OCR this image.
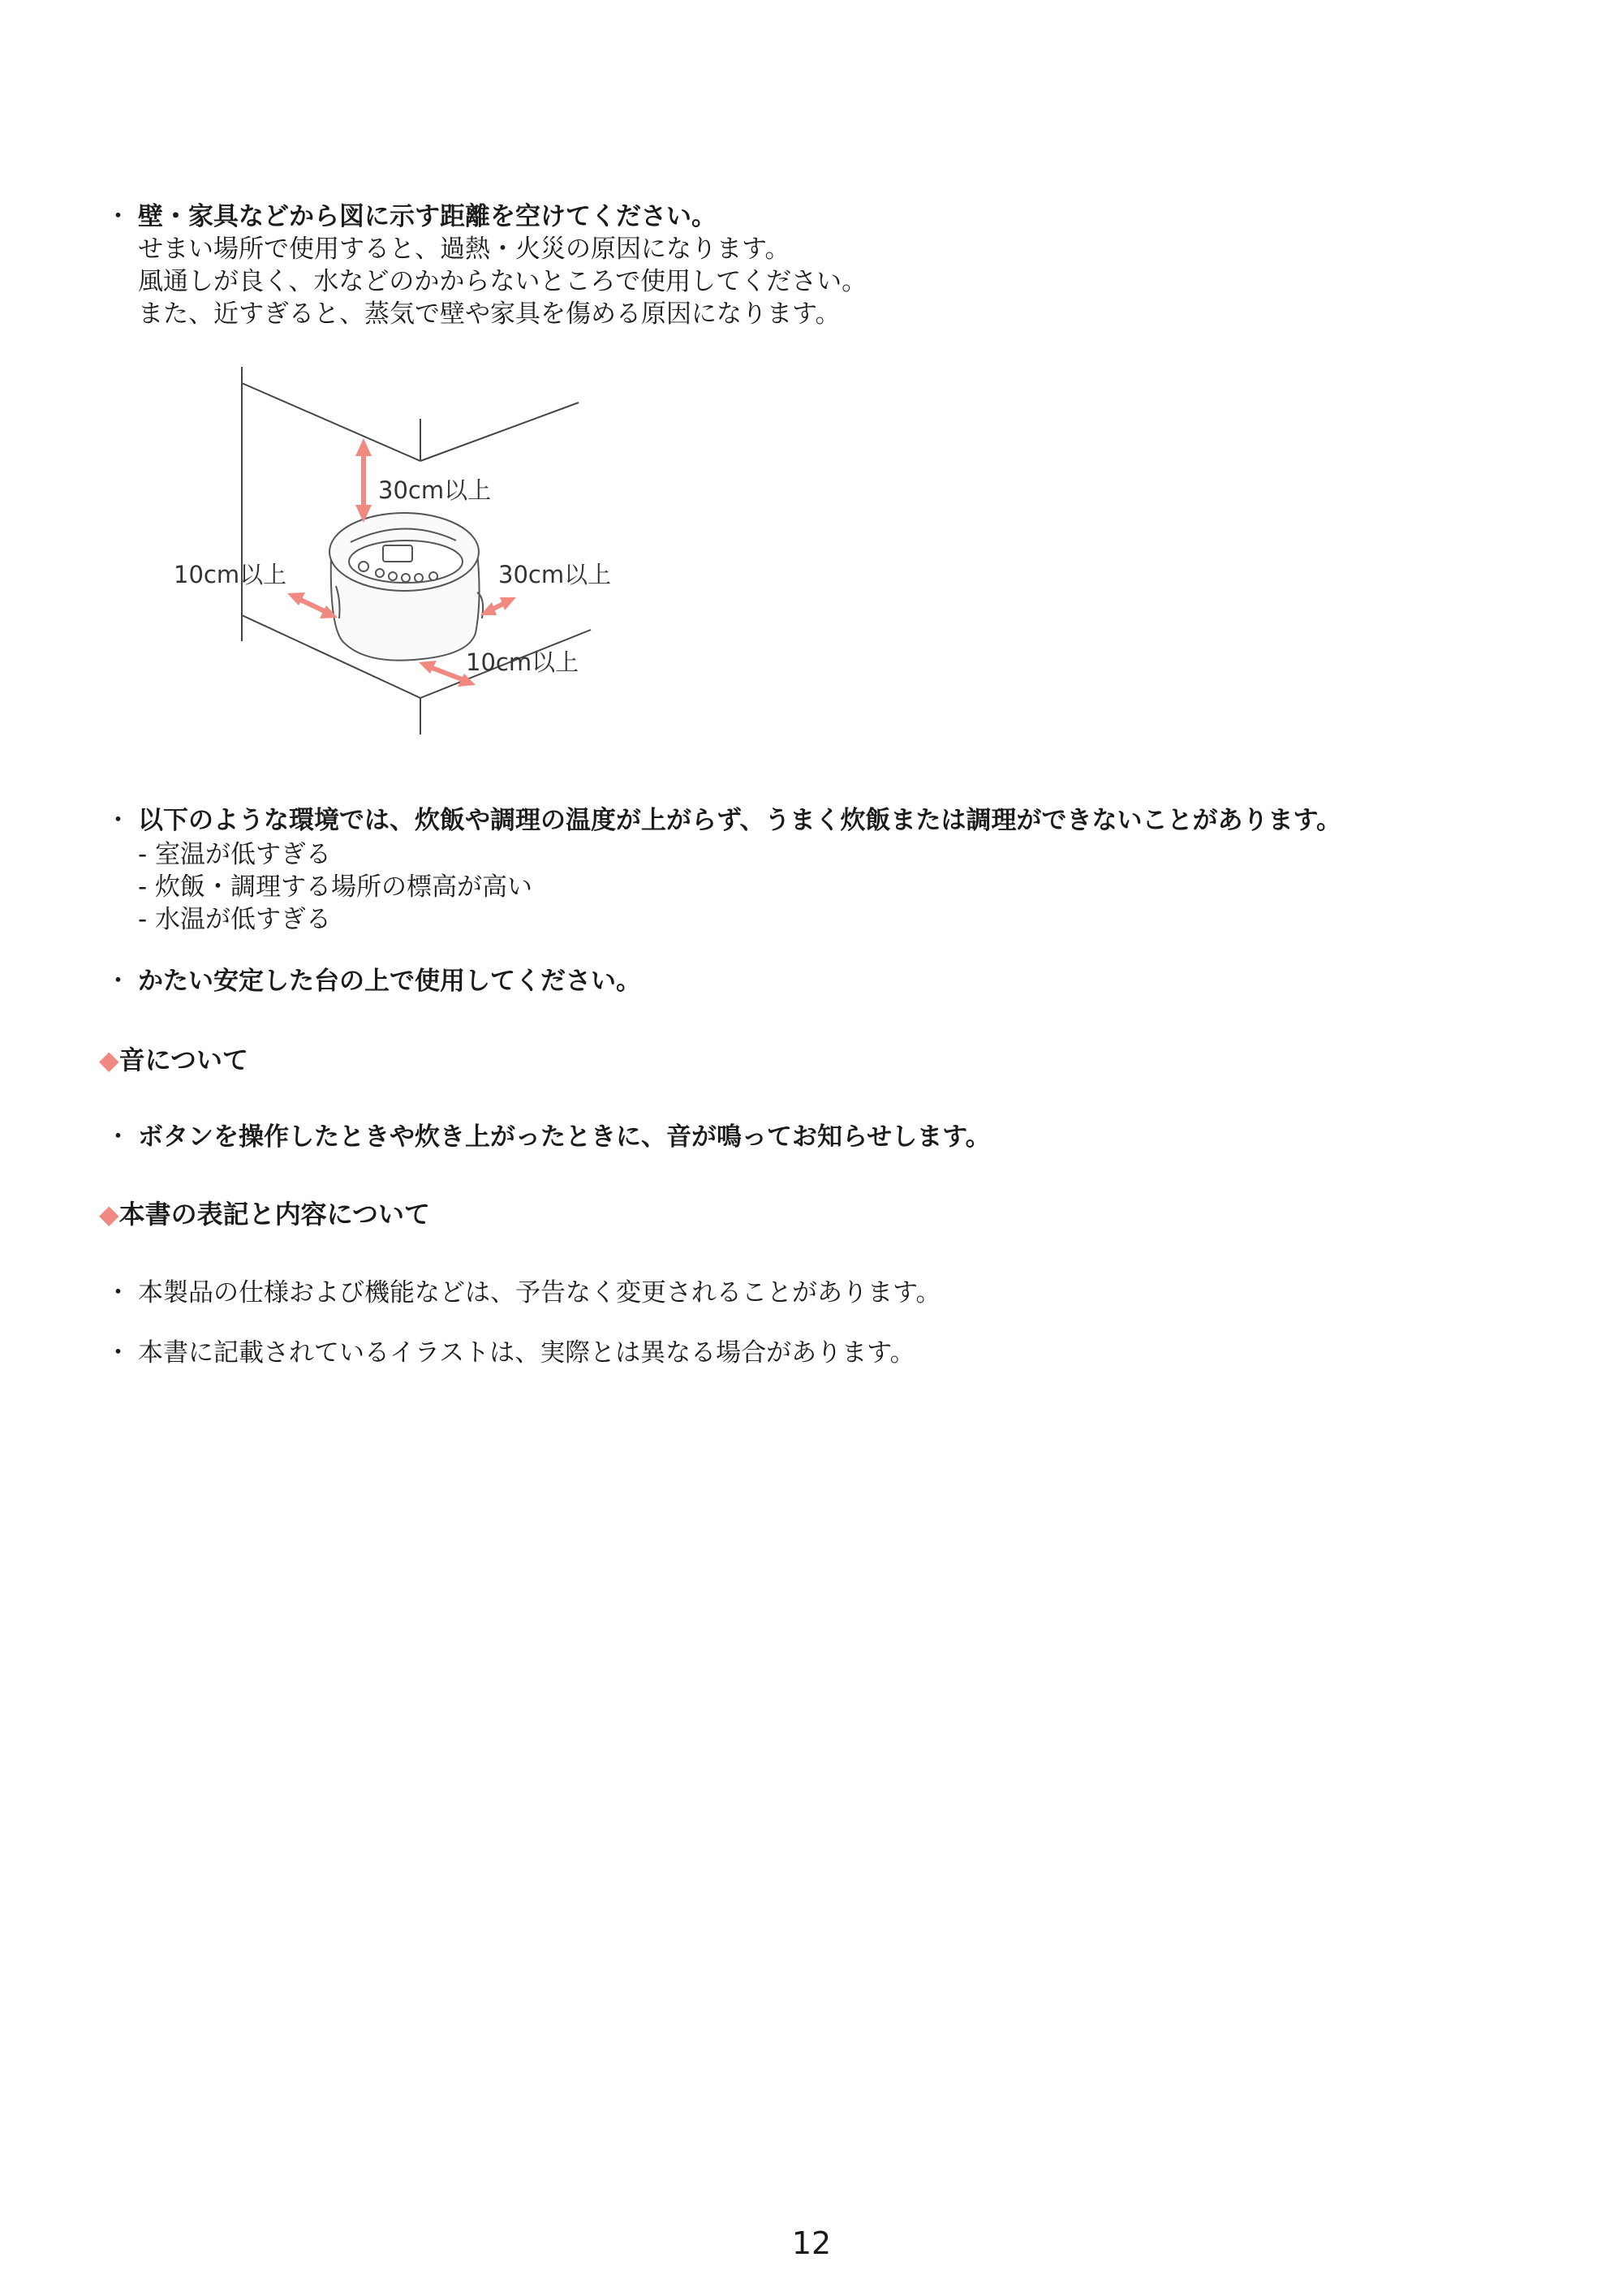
・ 壁・家具などから図に示す距離を空けてください。
せまい場所で使用すると、過熱・火災の原因になります。
風通しが良く、水などのかからないところで使用してください。
また、近すぎると、蒸気で壁や家具を傷める原因になります。
30cm以上
10cm以上	30cm以上
10cm以上
・ 以下のような環境では、炊飯や調理の温度が上がらず、うまく炊飯または調理ができないことがあります。
- 室温が低すぎる
- 炊飯・調理する場所の標高が高い
- 水温が低すぎる
・ かたい安定した台の上で使用してください。
◆音について
・ ボタンを操作したときや炊き上がったときに、音が鳴ってお知らせします。
◆本書の表記と内容について
・ 本製品の仕様および機能などは、予告なく変更されることがあります。
・ 本書に記載されているイラストは、実際とは異なる場合があります。
12
